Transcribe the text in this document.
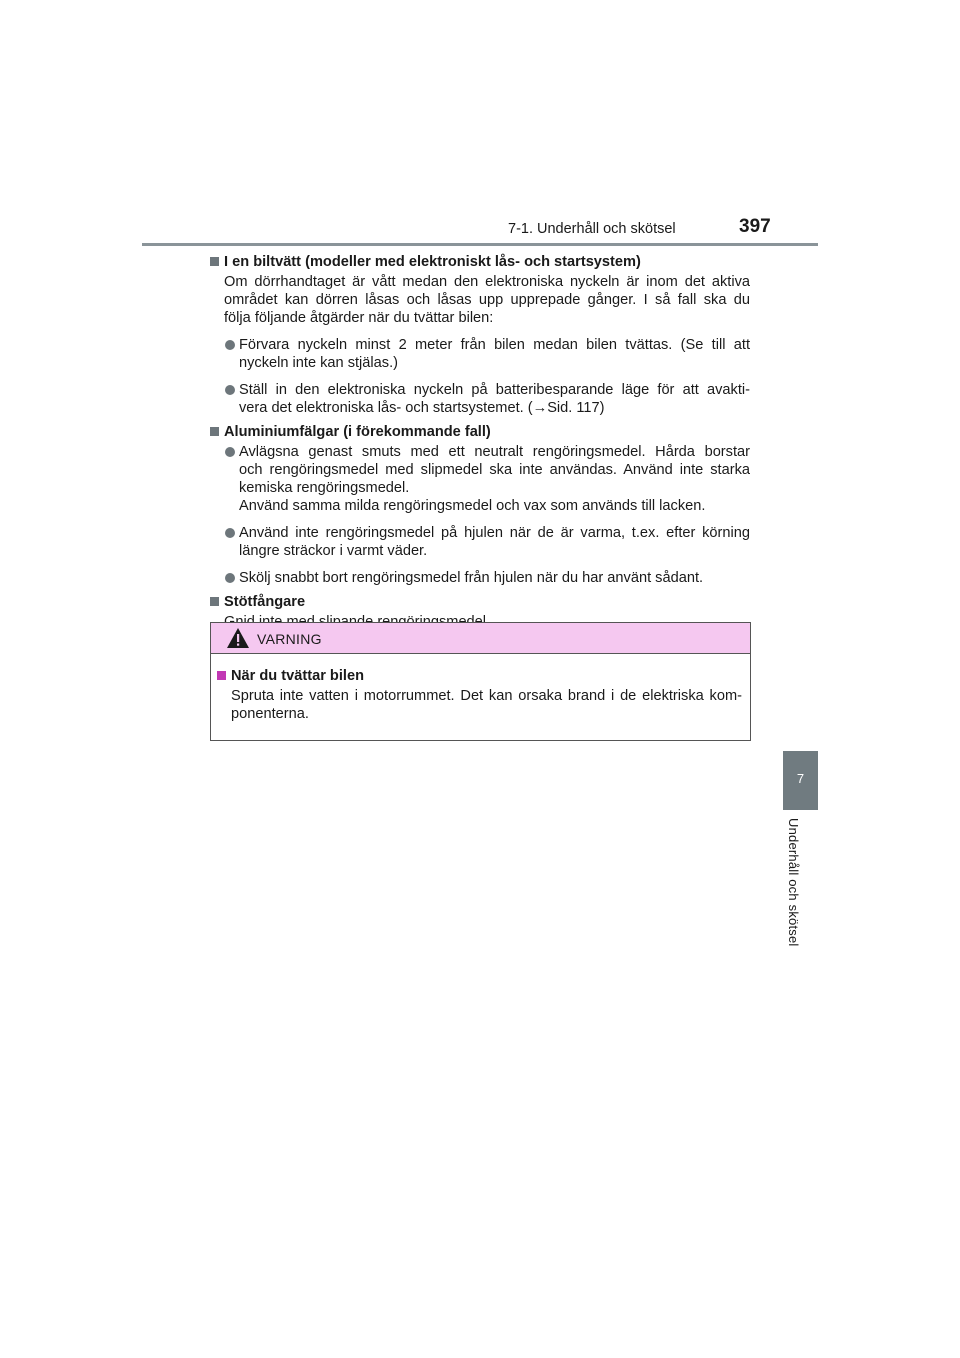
7-1. Underhåll och skötsel	397
7
Underhåll och skötsel
I en biltvätt (modeller med elektroniskt lås- och startsystem)
Om dörrhandtaget är vått medan den elektroniska nyckeln är inom det aktiva
området kan dörren låsas och låsas upp upprepade gånger. I så fall ska du
följa följande åtgärder när du tvättar bilen:
Förvara nyckeln minst 2 meter från bilen medan bilen tvättas. (Se till att
nyckeln inte kan stjälas.)
Ställ in den elektroniska nyckeln på batteribesparande läge för att avakti-
vera det elektroniska lås- och startsystemet. (→Sid. 117)
Aluminiumfälgar (i förekommande fall)
Avlägsna genast smuts med ett neutralt rengöringsmedel. Hårda borstar
och rengöringsmedel med slipmedel ska inte användas. Använd inte starka
kemiska rengöringsmedel.
Använd samma milda rengöringsmedel och vax som används till lacken.
Använd inte rengöringsmedel på hjulen när de är varma, t.ex. efter körning
längre sträckor i varmt väder.
Skölj snabbt bort rengöringsmedel från hjulen när du har använt sådant.
Stötfångare
VARNING
När du tvättar bilen
Spruta inte vatten i motorrummet. Det kan orsaka brand i de elektriska kom-
ponenterna.
